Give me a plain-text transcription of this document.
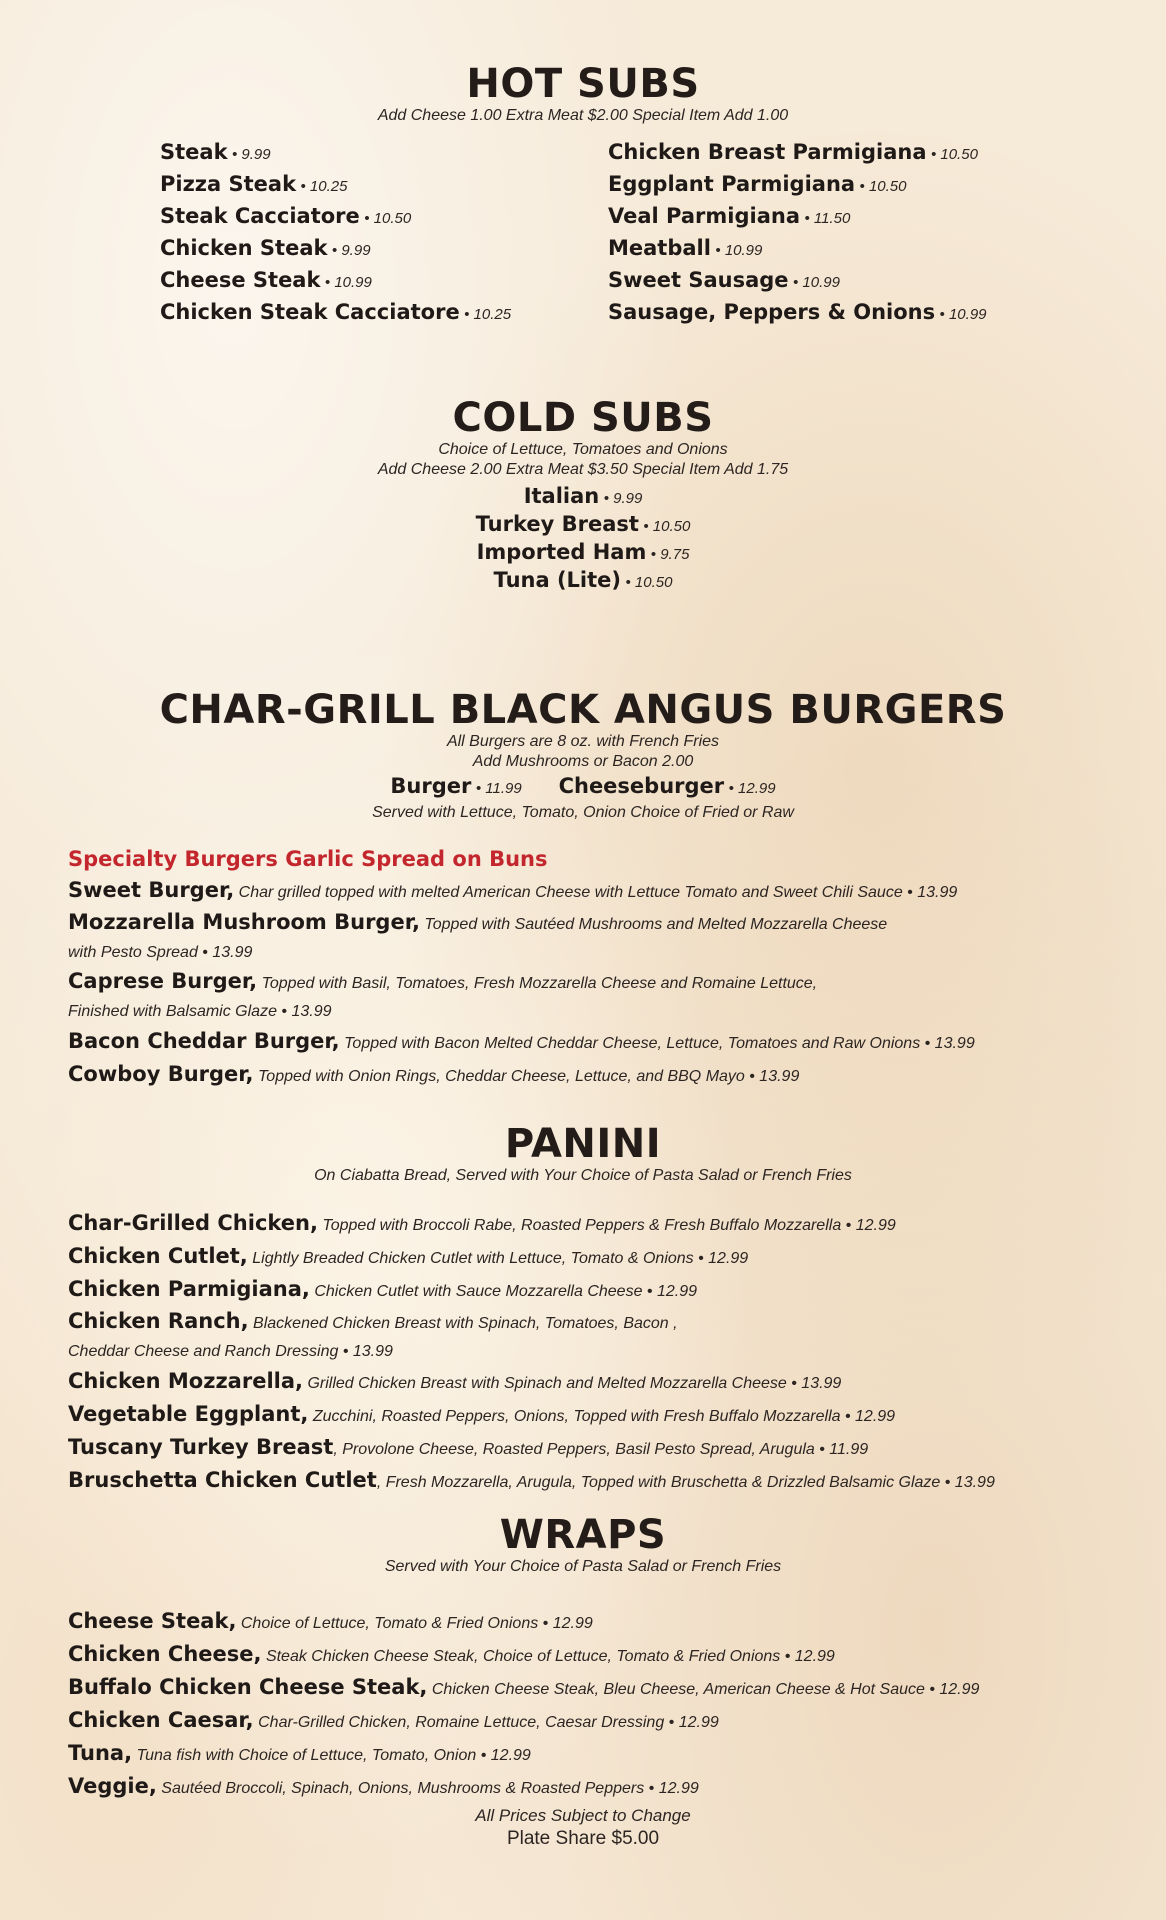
HOT SUBS
Add Cheese 1.00 Extra Meat $2.00 Special Item Add 1.00
Steak • 9.99
Pizza Steak • 10.25
Steak Cacciatore • 10.50
Chicken Steak • 9.99
Cheese Steak • 10.99
Chicken Steak Cacciatore • 10.25
Chicken Breast Parmigiana • 10.50
Eggplant Parmigiana • 10.50
Veal Parmigiana • 11.50
Meatball • 10.99
Sweet Sausage • 10.99
Sausage, Peppers & Onions • 10.99
COLD SUBS
Choice of Lettuce, Tomatoes and Onions
Add Cheese 2.00 Extra Meat $3.50 Special Item Add 1.75
Italian • 9.99
Turkey Breast • 10.50
Imported Ham • 9.75
Tuna (Lite) • 10.50
CHAR-GRILL BLACK ANGUS BURGERS
All Burgers are 8 oz. with French Fries
Add Mushrooms or Bacon 2.00
Burger • 11.99 Cheeseburger • 12.99
Served with Lettuce, Tomato, Onion Choice of Fried or Raw
Specialty Burgers Garlic Spread on Buns
Sweet Burger, Char grilled topped with melted American Cheese with Lettuce Tomato and Sweet Chili Sauce • 13.99
Mozzarella Mushroom Burger, Topped with Sautéed Mushrooms and Melted Mozzarella Cheese
with Pesto Spread • 13.99
Caprese Burger, Topped with Basil, Tomatoes, Fresh Mozzarella Cheese and Romaine Lettuce,
Finished with Balsamic Glaze • 13.99
Bacon Cheddar Burger, Topped with Bacon Melted Cheddar Cheese, Lettuce, Tomatoes and Raw Onions • 13.99
Cowboy Burger, Topped with Onion Rings, Cheddar Cheese, Lettuce, and BBQ Mayo • 13.99
PANINI
On Ciabatta Bread, Served with Your Choice of Pasta Salad or French Fries
Char-Grilled Chicken, Topped with Broccoli Rabe, Roasted Peppers & Fresh Buffalo Mozzarella • 12.99
Chicken Cutlet, Lightly Breaded Chicken Cutlet with Lettuce, Tomato & Onions • 12.99
Chicken Parmigiana, Chicken Cutlet with Sauce Mozzarella Cheese • 12.99
Chicken Ranch, Blackened Chicken Breast with Spinach, Tomatoes, Bacon ,
Cheddar Cheese and Ranch Dressing • 13.99
Chicken Mozzarella, Grilled Chicken Breast with Spinach and Melted Mozzarella Cheese • 13.99
Vegetable Eggplant, Zucchini, Roasted Peppers, Onions, Topped with Fresh Buffalo Mozzarella • 12.99
Tuscany Turkey Breast, Provolone Cheese, Roasted Peppers, Basil Pesto Spread, Arugula • 11.99
Bruschetta Chicken Cutlet, Fresh Mozzarella, Arugula, Topped with Bruschetta & Drizzled Balsamic Glaze • 13.99
WRAPS
Served with Your Choice of Pasta Salad or French Fries
Cheese Steak, Choice of Lettuce, Tomato & Fried Onions • 12.99
Chicken Cheese, Steak Chicken Cheese Steak, Choice of Lettuce, Tomato & Fried Onions • 12.99
Buffalo Chicken Cheese Steak, Chicken Cheese Steak, Bleu Cheese, American Cheese & Hot Sauce • 12.99
Chicken Caesar, Char-Grilled Chicken, Romaine Lettuce, Caesar Dressing • 12.99
Tuna, Tuna fish with Choice of Lettuce, Tomato, Onion • 12.99
Veggie, Sautéed Broccoli, Spinach, Onions, Mushrooms & Roasted Peppers • 12.99
All Prices Subject to Change
Plate Share $5.00
